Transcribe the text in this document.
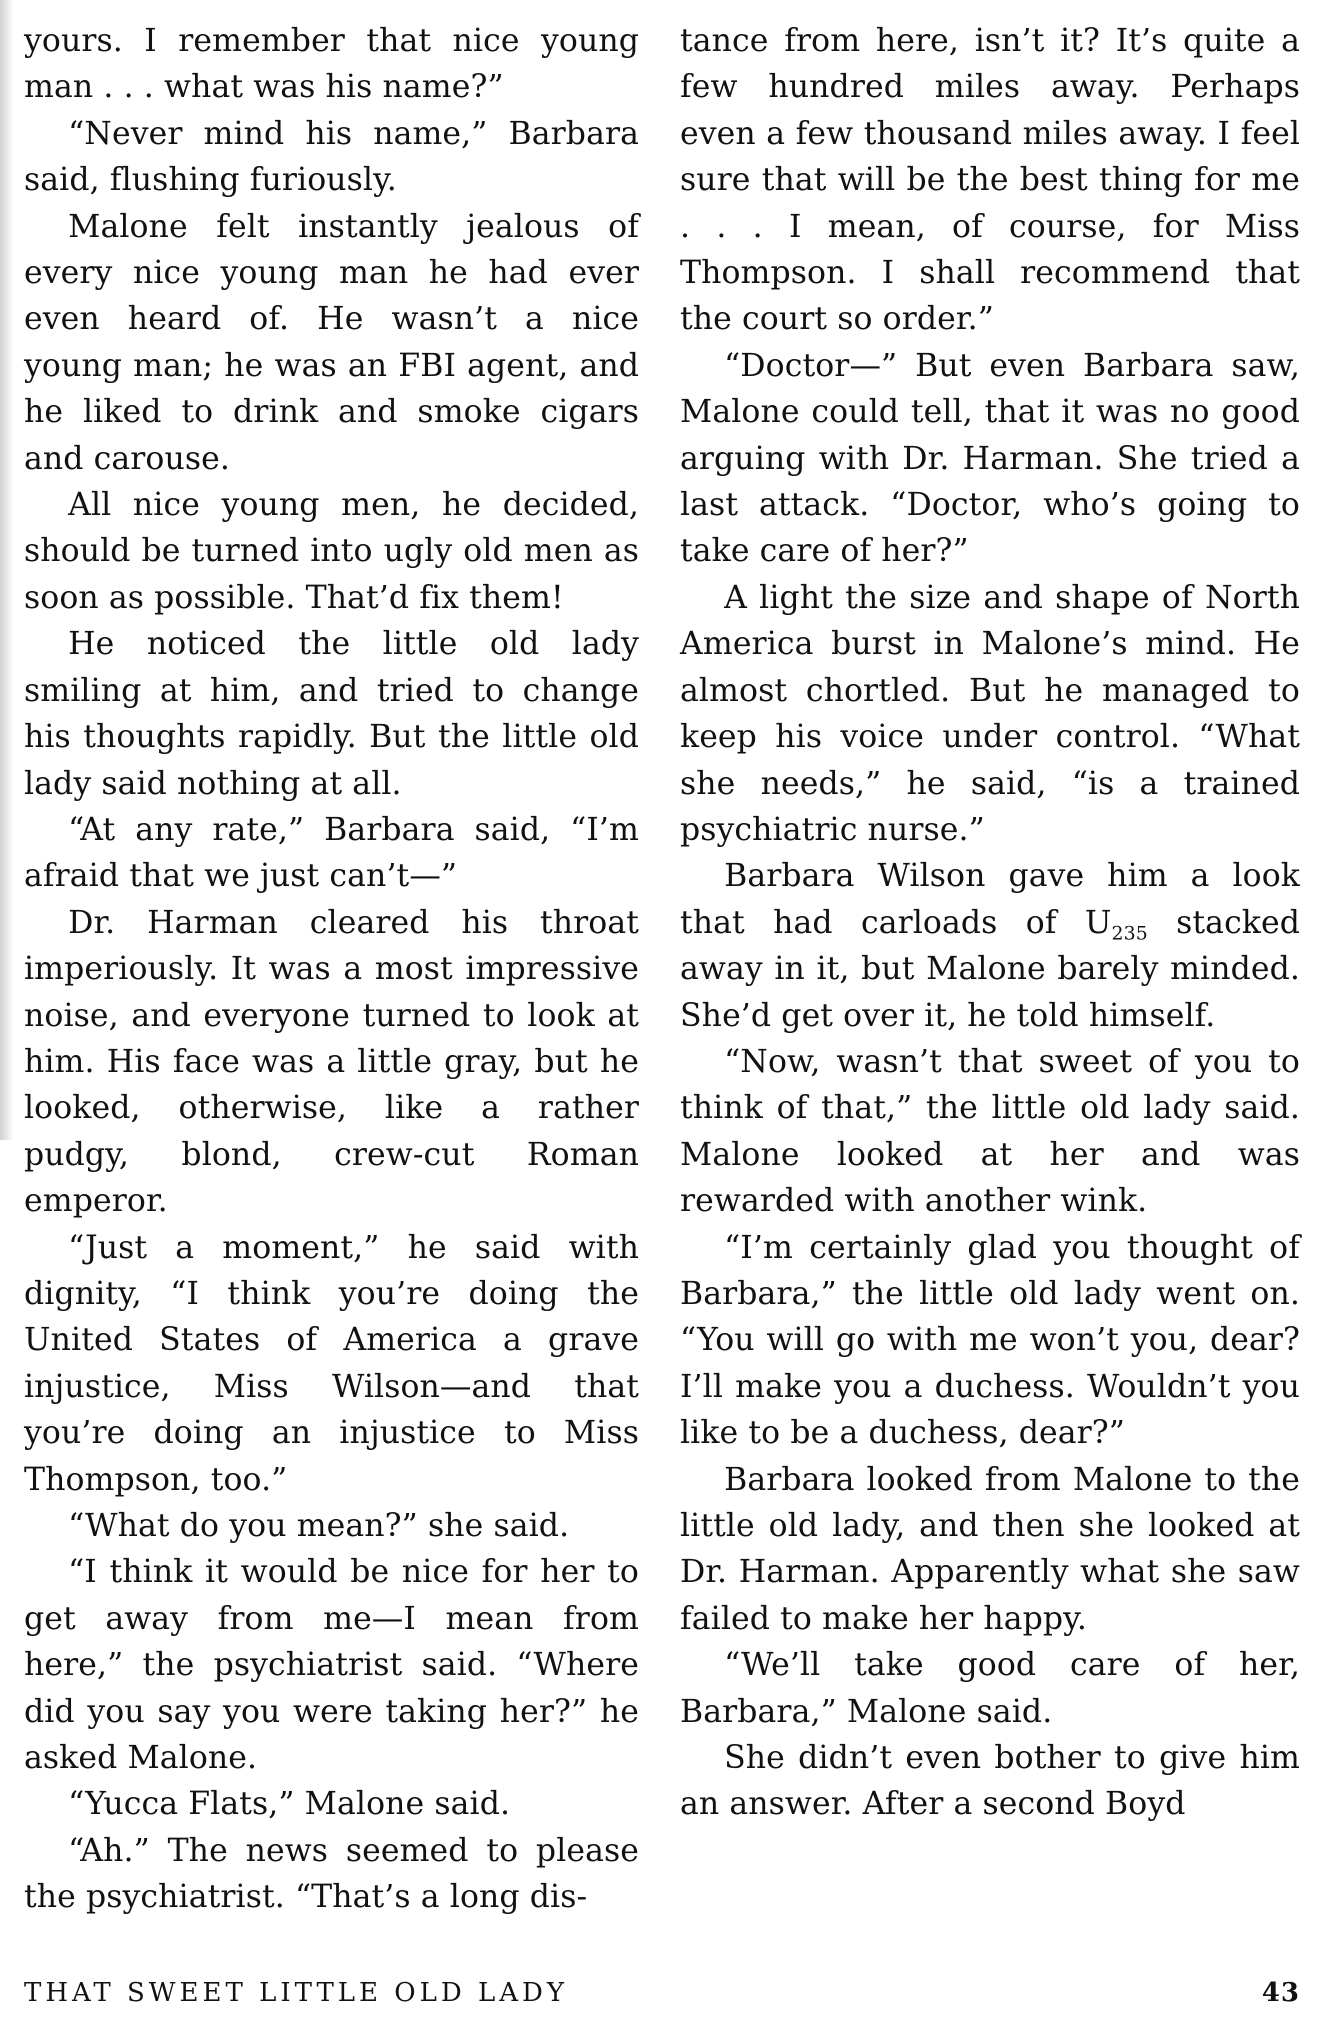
yours. I remember that nice young man . . . what was his name?”

“Never mind his name,” Barbara said, flushing furiously.

Malone felt instantly jealous of every nice young man he had ever even heard of. He wasn’t a nice young man; he was an FBI agent, and he liked to drink and smoke cigars and carouse.

All nice young men, he decided, should be turned into ugly old men as soon as possible. That’d fix them!

He noticed the little old lady smiling at him, and tried to change his thoughts rapidly. But the little old lady said nothing at all.

“At any rate,” Barbara said, “I’m afraid that we just can’t—”

Dr. Harman cleared his throat imperiously. It was a most impressive noise, and everyone turned to look at him. His face was a little gray, but he looked, otherwise, like a rather pudgy, blond, crew-cut Roman emperor.

“Just a moment,” he said with dignity, “I think you’re doing the United States of America a grave injustice, Miss Wilson—and that you’re doing an injustice to Miss Thompson, too.”

“What do you mean?” she said.

“I think it would be nice for her to get away from me—I mean from here,” the psychiatrist said. “Where did you say you were taking her?” he asked Malone.

“Yucca Flats,” Malone said.

“Ah.” The news seemed to please the psychiatrist. “That’s a long dis-

tance from here, isn’t it? It’s quite a few hundred miles away. Perhaps even a few thousand miles away. I feel sure that will be the best thing for me . . . I mean, of course, for Miss Thompson. I shall recommend that the court so order.”

“Doctor—” But even Barbara saw, Malone could tell, that it was no good arguing with Dr. Harman. She tried a last attack. “Doctor, who’s going to take care of her?”

A light the size and shape of North America burst in Malone’s mind. He almost chortled. But he managed to keep his voice under control. “What she needs,” he said, “is a trained psychiatric nurse.”

Barbara Wilson gave him a look that had carloads of $U_{235}$ stacked away in it, but Malone barely minded. She’d get over it, he told himself.

“Now, wasn’t that sweet of you to think of that,” the little old lady said. Malone looked at her and was rewarded with another wink.

“I’m certainly glad you thought of Barbara,” the little old lady went on. “You will go with me won’t you, dear? I’ll make you a duchess. Wouldn’t you like to be a duchess, dear?”

Barbara looked from Malone to the little old lady, and then she looked at Dr. Harman. Apparently what she saw failed to make her happy.

“We’ll take good care of her, Barbara,” Malone said.

She didn’t even bother to give him an answer. After a second Boyd

THAT SWEET LITTLE OLD LADY	43
